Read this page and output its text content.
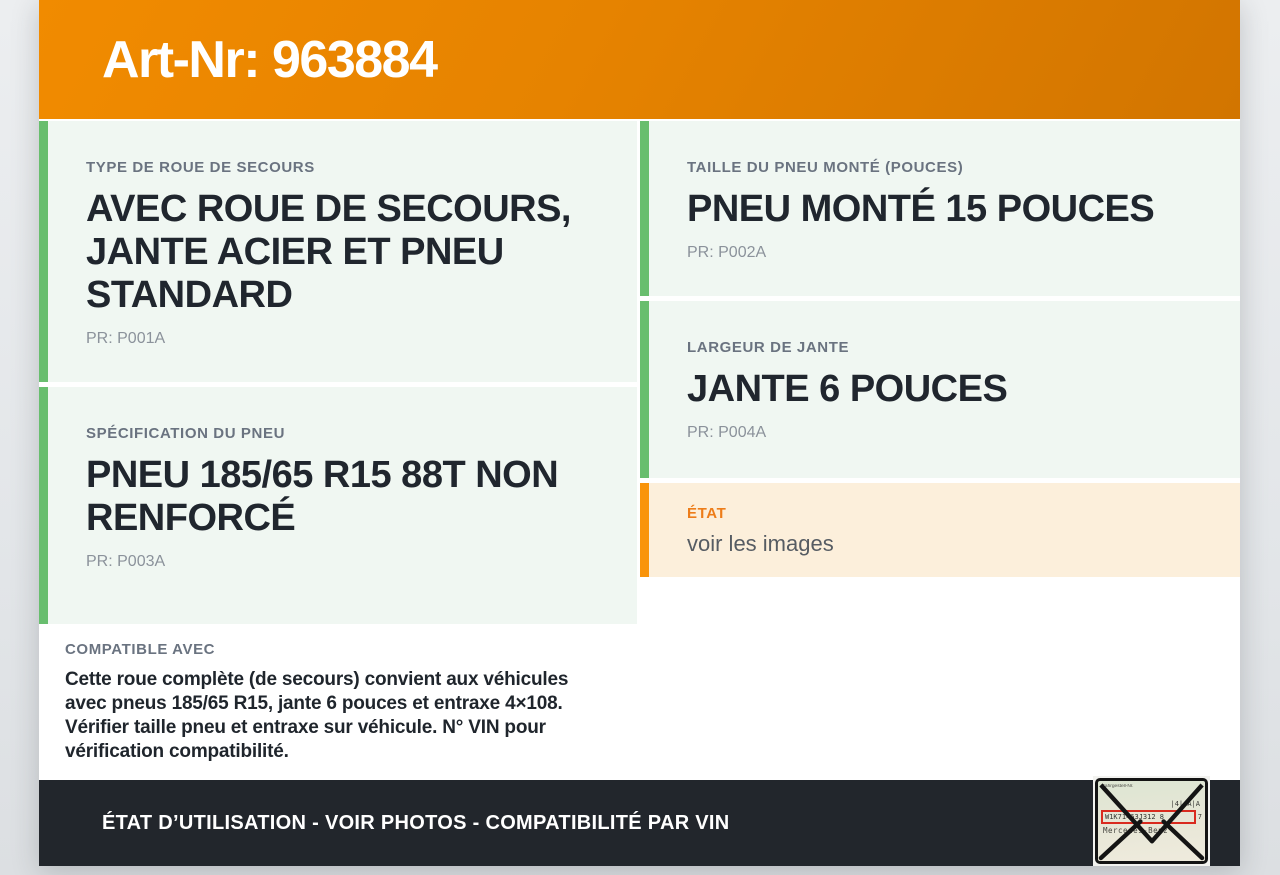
Art-Nr: 963884
TYPE DE ROUE DE SECOURS
AVEC ROUE DE SECOURS, JANTE ACIER ET PNEU STANDARD
PR: P001A
SPÉCIFICATION DU PNEU
PNEU 185/65 R15 88T NON RENFORCÉ
PR: P003A
COMPATIBLE AVEC

Cette roue complète (de secours) convient aux véhicules avec pneus 185/65 R15, jante 6 pouces et entraxe 4×108. Vérifier taille pneu et entraxe sur véhicule. N° VIN pour vérification compatibilité.

TAILLE DU PNEU MONTÉ (POUCES)
PNEU MONTÉ 15 POUCES
PR: P002A
LARGEUR DE JANTE
JANTE 6 POUCES
PR: P004A
ÉTAT
voir les images
ÉTAT D’UTILISATION - VOIR PHOTOS - COMPATIBILITÉ PAR VIN
Fahrgestell-Nr.
|4| A|A
W1K71463J312 8	7
Mercedes-Benz
